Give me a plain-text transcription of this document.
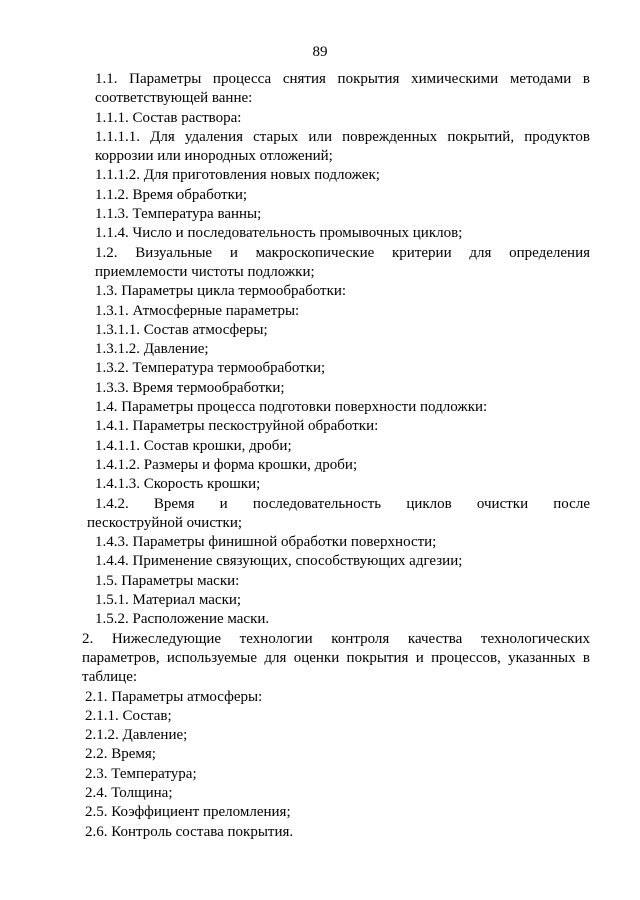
89

1.1. Параметры процесса снятия покрытия химическими методами в
соответствующей ванне:

1.1.1. Состав раствора:

1.1.1.1. Для удаления старых или поврежденных покрытий, продуктов
коррозии или инородных отложений;

1.1.1.2. Для приготовления новых подложек;

1.1.2. Время обработки;

1.1.3. Температура ванны;

1.1.4. Число и последовательность промывочных циклов;

1.2. Визуальные и макроскопические критерии для определения
приемлемости чистоты подложки;

1.3. Параметры цикла термообработки:

1.3.1. Атмосферные параметры:

1.3.1.1. Состав атмосферы;

1.3.1.2. Давление;

1.3.2. Температура термообработки;

1.3.3. Время термообработки;

1.4. Параметры процесса подготовки поверхности подложки:

1.4.1. Параметры пескоструйной обработки:

1.4.1.1. Состав крошки, дроби;

1.4.1.2. Размеры и форма крошки, дроби;

1.4.1.3. Скорость крошки;

1.4.2. Время и последовательность циклов очистки после
пескоструйной очистки;

1.4.3. Параметры финишной обработки поверхности;

1.4.4. Применение связующих, способствующих адгезии;

1.5. Параметры маски:

1.5.1. Материал маски;

1.5.2. Расположение маски.

2. Нижеследующие технологии контроля качества технологических
параметров, используемые для оценки покрытия и процессов, указанных в
таблице:

2.1. Параметры атмосферы:

2.1.1. Состав;

2.1.2. Давление;

2.2. Время;

2.3. Температура;

2.4. Толщина;

2.5. Коэффициент преломления;

2.6. Контроль состава покрытия.
